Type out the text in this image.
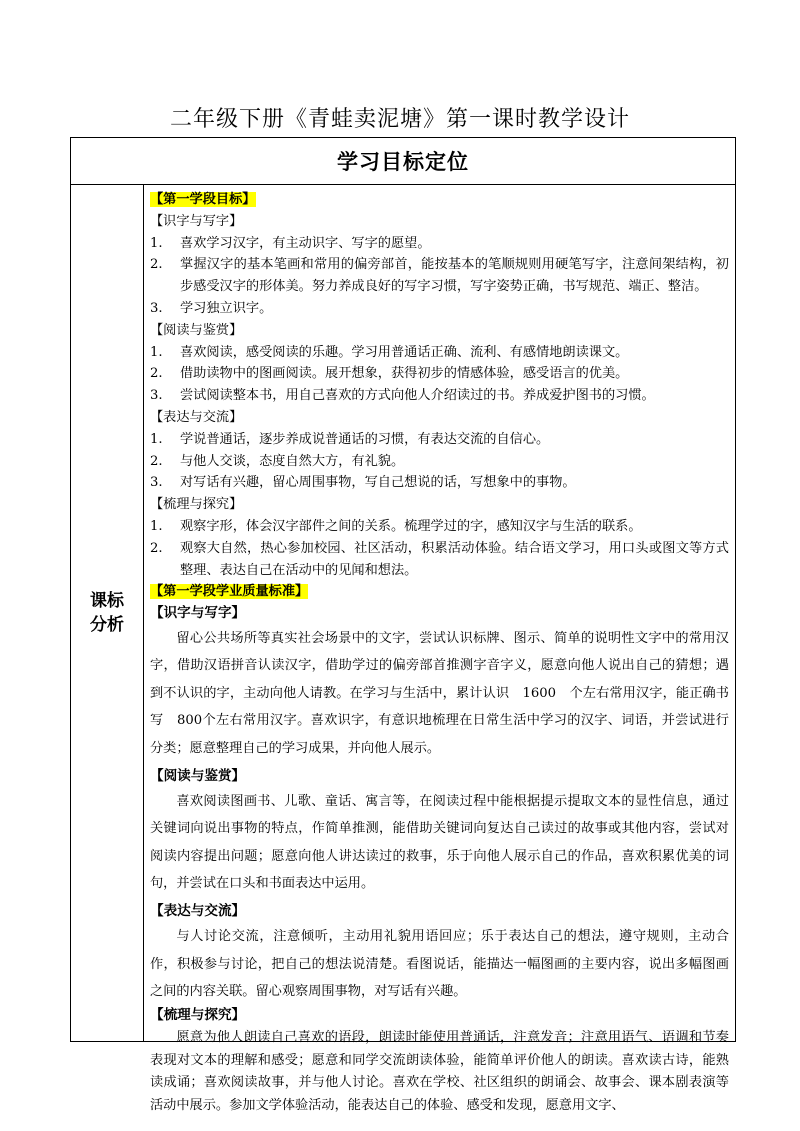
二年级下册《青蛙卖泥塘》第一课时教学设计
学习目标定位
课标
分析
【第一学段目标】
【识字与写字】
1.	喜欢学习汉字，有主动识字、写字的愿望。
2.	掌握汉字的基本笔画和常用的偏旁部首，能按基本的笔顺规则用硬笔写字，注意间架结构，初步感受汉字的形体美。努力养成良好的写字习惯，写字姿势正确，书写规范、端正、整洁。
3.	学习独立识字。
【阅读与鉴赏】
1.	喜欢阅读，感受阅读的乐趣。学习用普通话正确、流利、有感情地朗读课文。
2.	借助读物中的图画阅读。展开想象，获得初步的情感体验，感受语言的优美。
3.	尝试阅读整本书，用自己喜欢的方式向他人介绍读过的书。养成爱护图书的习惯。
【表达与交流】
1.	学说普通话，逐步养成说普通话的习惯，有表达交流的自信心。
2.	与他人交谈，态度自然大方，有礼貌。
3.	对写话有兴趣，留心周围事物，写自己想说的话，写想象中的事物。
【梳理与探究】
1.	观察字形，体会汉字部件之间的关系。梳理学过的字，感知汉字与生活的联系。
2.	观察大自然，热心参加校园、社区活动，积累活动体验。结合语文学习，用口头或图文等方式整理、表达自己在活动中的见闻和想法。
【第一学段学业质量标准】
【识字与写字】

留心公共场所等真实社会场景中的文字，尝试认识标牌、图示、简单的说明性文字中的常用汉字，借助汉语拼音认读汉字，借助学过的偏旁部首推测字音字义，愿意向他人说出自己的猜想；遇到不认识的字，主动向他人请教。在学习与生活中，累计认识　1600　个左右常用汉字，能正确书写　800个左右常用汉字。喜欢识字，有意识地梳理在日常生活中学习的汉字、词语，并尝试进行分类；愿意整理自己的学习成果，并向他人展示。

【阅读与鉴赏】

喜欢阅读图画书、儿歌、童话、寓言等，在阅读过程中能根据提示提取文本的显性信息，通过关键词向说出事物的特点，作简单推测，能借助关键词向复达自己读过的故事或其他内容，尝试对阅读内容提出问题；愿意向他人讲达读过的救事，乐于向他人展示自己的作品，喜欢积累优美的词句，并尝试在口头和书面表达中运用。

【表达与交流】

与人讨论交流，注意倾听，主动用礼貌用语回应；乐于表达自己的想法，遵守规则，主动合作，积极参与讨论，把自己的想法说清楚。看图说话，能描达一幅图画的主要内容，说出多幅图画之间的内容关联。留心观察周围事物，对写话有兴趣。

【梳理与探究】

愿意为他人朗读自己喜欢的语段，朗读时能使用普通话，注意发音；注意用语气、语调和节奏表现对文本的理解和感受；愿意和同学交流朗读体验，能简单评价他人的朗读。喜欢读古诗，能熟读成诵；喜欢阅读故事，并与他人讨论。喜欢在学校、社区组织的朗诵会、故事会、课本剧表演等活动中展示。参加文学体验活动，能表达自己的体验、感受和发现，愿意用文字、
